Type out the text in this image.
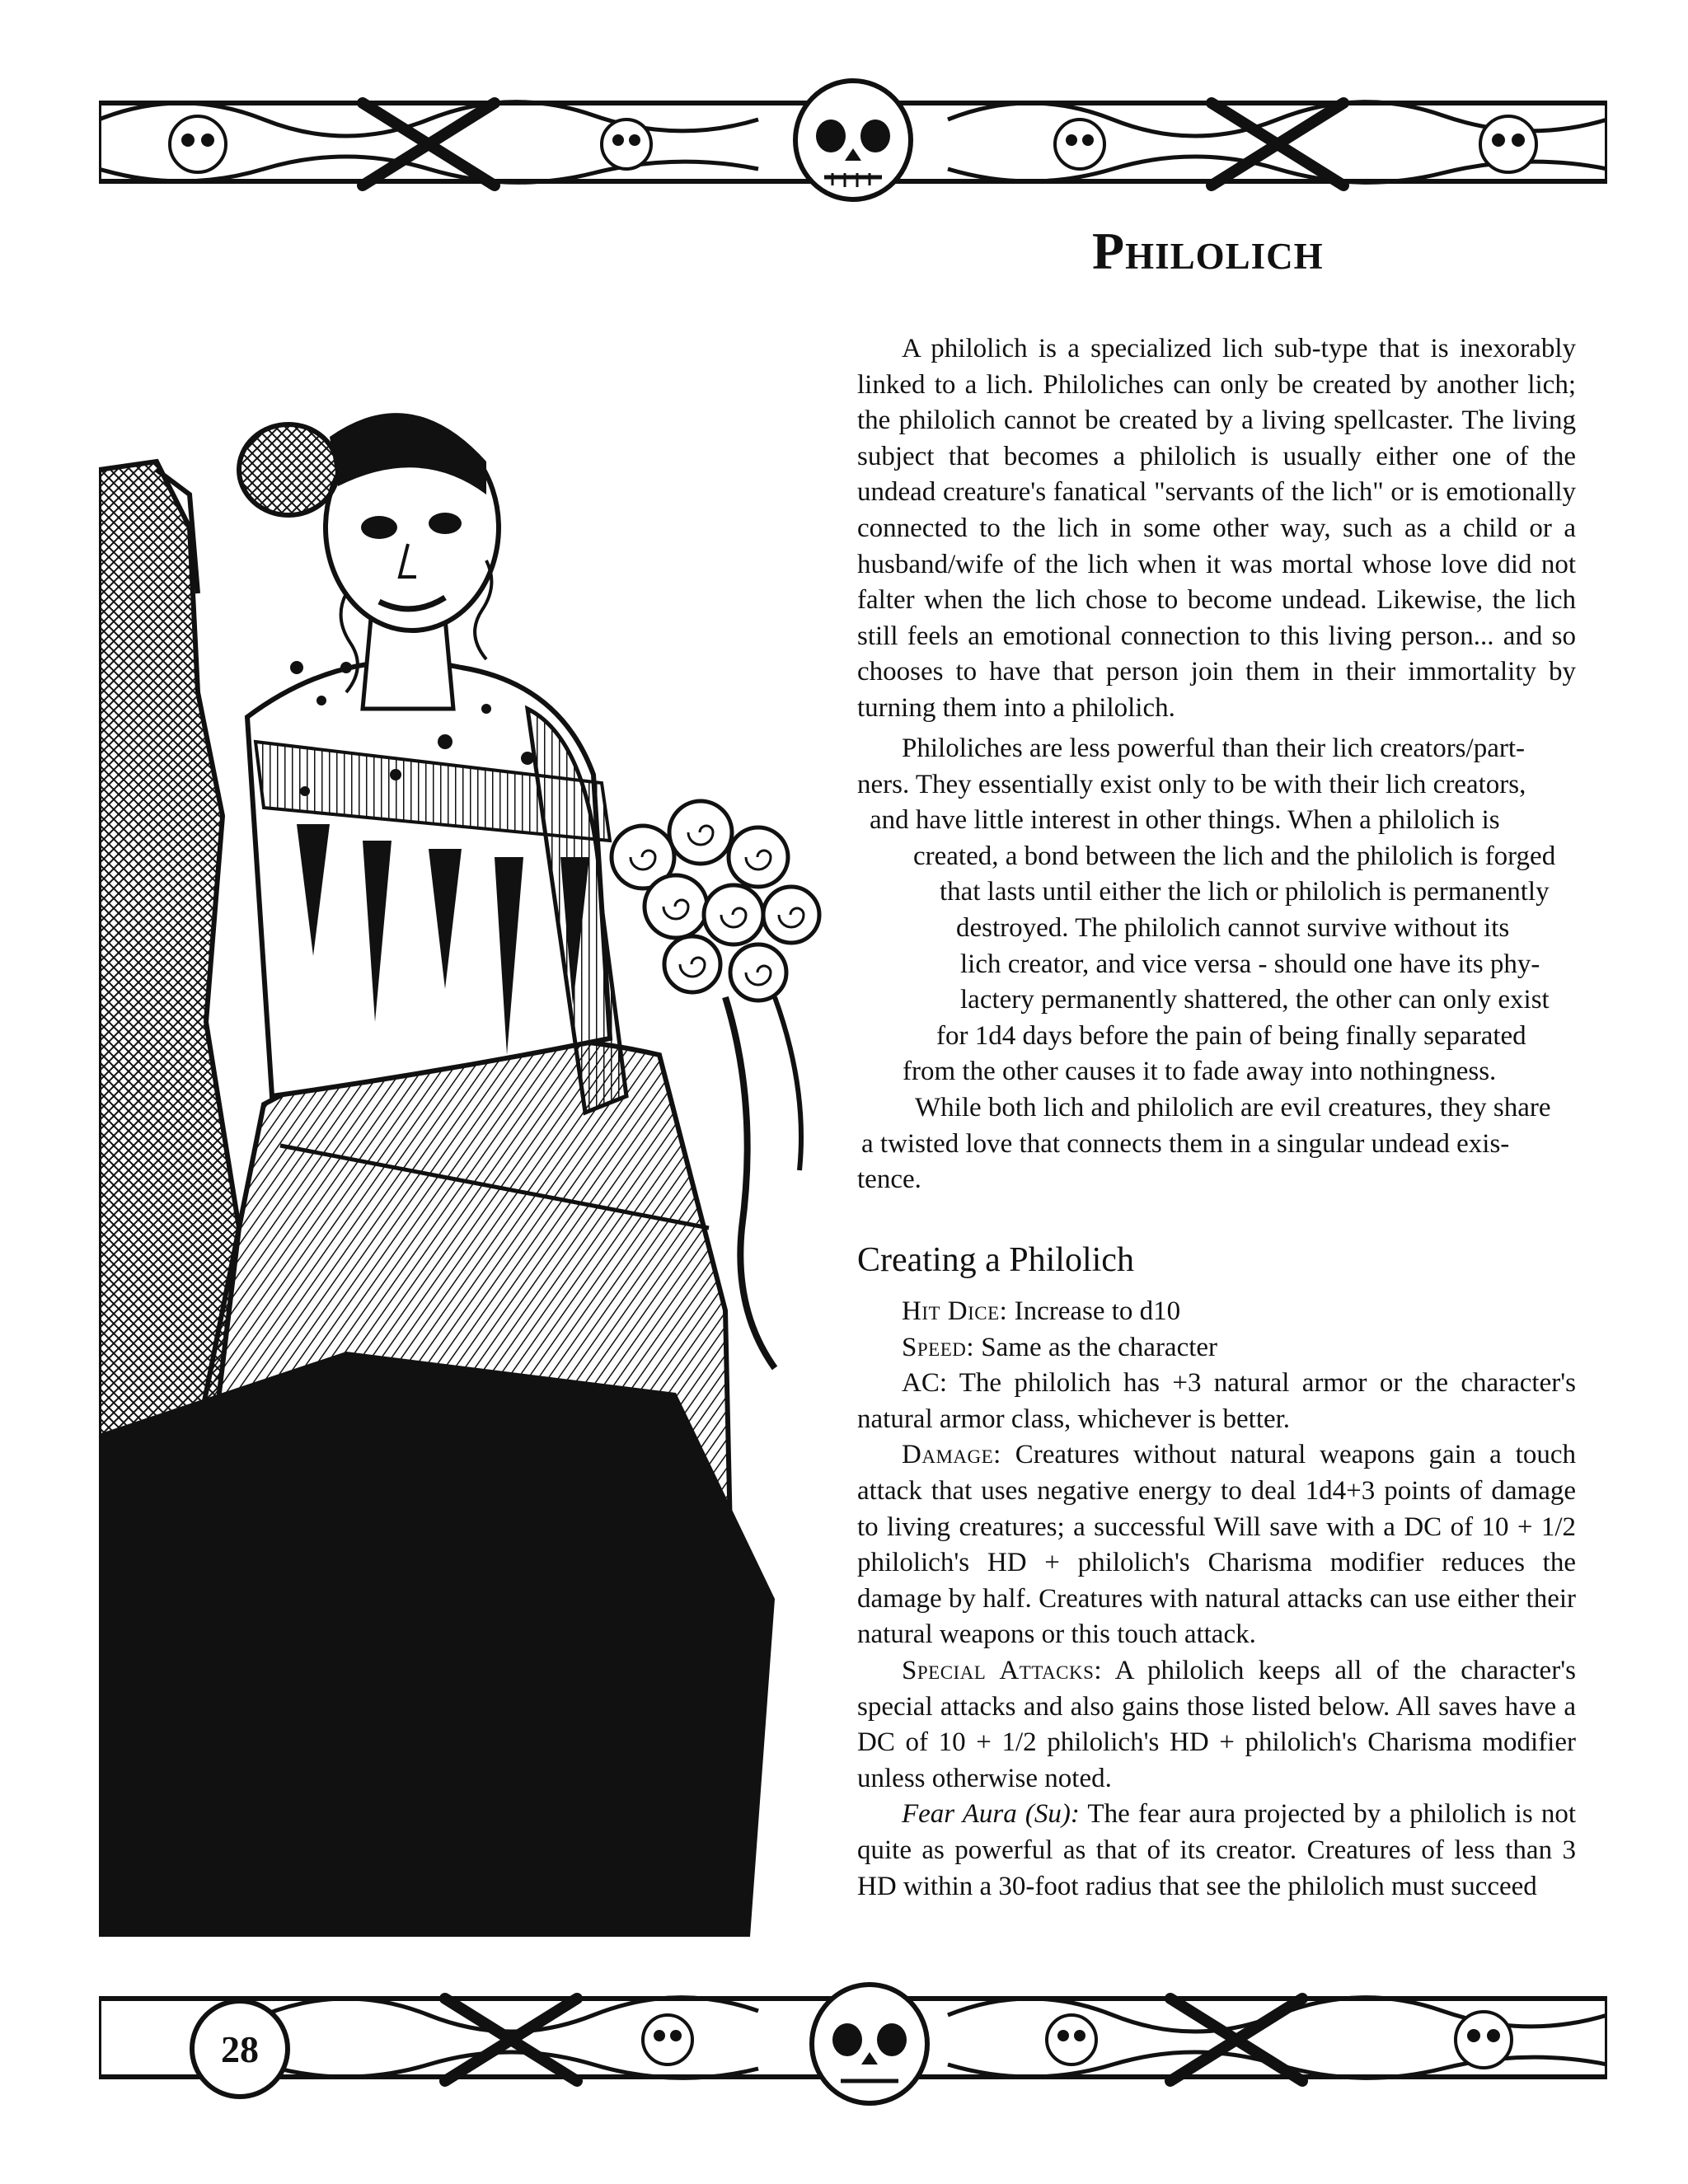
Philolich

A philolich is a specialized lich sub-type that is inexorably linked to a lich. Philoliches can only be created by another lich; the philolich cannot be created by a living spellcaster. The living subject that becomes a philolich is usually either one of the undead creature's fanatical "servants of the lich" or is emotionally connected to the lich in some other way, such as a child or a husband/wife of the lich when it was mortal whose love did not falter when the lich chose to become undead. Likewise, the lich still feels an emotional connection to this living person... and so chooses to have that person join them in their immortality by turning them into a philolich.

Philoliches are less powerful than their lich creators/part-
ners. They essentially exist only to be with their lich creators,
and have little interest in other things. When a philolich is
created, a bond between the lich and the philolich is forged
that lasts until either the lich or philolich is permanently
destroyed. The philolich cannot survive without its
lich creator, and vice versa - should one have its phy-
lactery permanently shattered, the other can only exist
for 1d4 days before the pain of being finally separated
from the other causes it to fade away into nothingness.
While both lich and philolich are evil creatures, they share
a twisted love that connects them in a singular undead exis-
tence.
Creating a Philolich

Hit Dice: Increase to d10

Speed: Same as the character

AC: The philolich has +3 natural armor or the character's natural armor class, whichever is better.

Damage: Creatures without natural weapons gain a touch attack that uses negative energy to deal 1d4+3 points of damage to living creatures; a successful Will save with a DC of 10 + 1/2 philolich's HD + philolich's Charisma modifier reduces the damage by half. Creatures with natural attacks can use either their natural weapons or this touch attack.

Special Attacks: A philolich keeps all of the character's special attacks and also gains those listed below. All saves have a DC of 10 + 1/2 philolich's HD + philolich's Charisma modifier unless otherwise noted.

Fear Aura (Su): The fear aura projected by a philolich is not quite as powerful as that of its creator. Creatures of less than 3 HD within a 30-foot radius that see the philolich must succeed

28
